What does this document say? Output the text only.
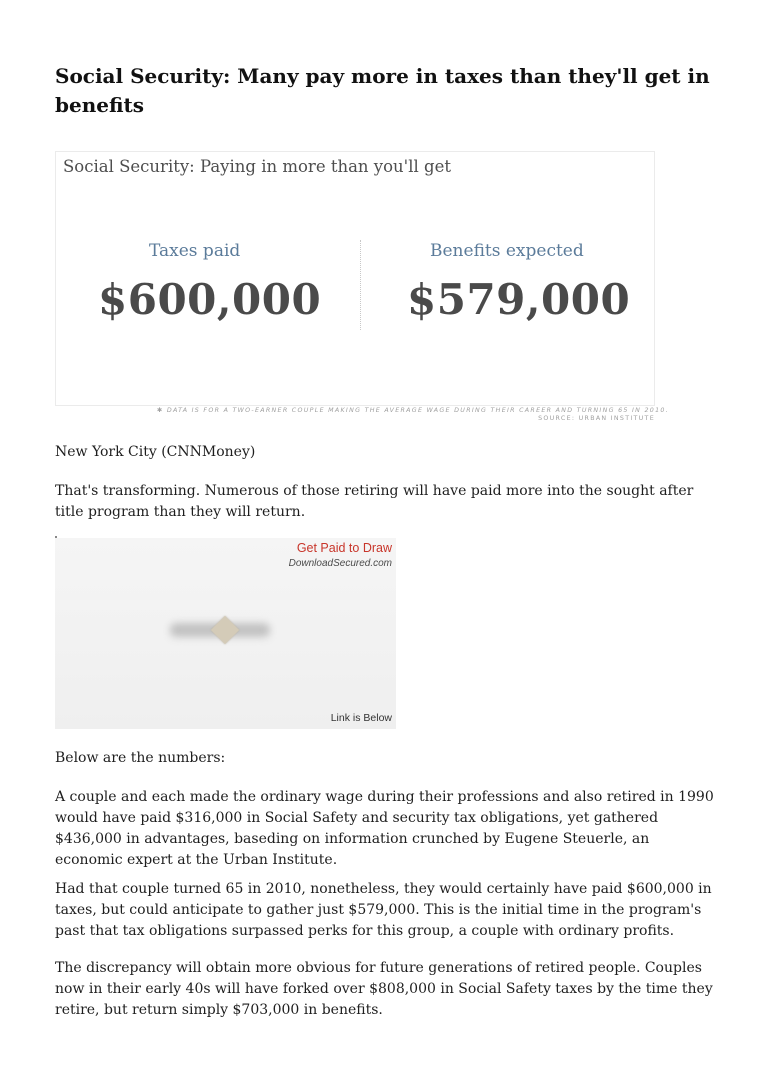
Social Security: Many pay more in taxes than they'll get in benefits
Social Security: Paying in more than you'll get
Taxes paid
$600,000
Benefits expected
$579,000
✱ DATA IS FOR A TWO-EARNER COUPLE MAKING THE AVERAGE WAGE DURING THEIR CAREER AND TURNING 65 IN 2010.
SOURCE: URBAN INSTITUTE

New York City (CNNMoney)

That's transforming. Numerous of those retiring will have paid more into the sought after title program than they will return.

Get Paid to Draw
DownloadSecured.com
Link is Below

Below are the numbers:

A couple and each made the ordinary wage during their professions and also retired in 1990 would have paid $316,000 in Social Safety and security tax obligations, yet gathered $436,000 in advantages, baseding on information crunched by Eugene Steuerle, an economic expert at the Urban Institute.

Had that couple turned 65 in 2010, nonetheless, they would certainly have paid $600,000 in taxes, but could anticipate to gather just $579,000. This is the initial time in the program's past that tax obligations surpassed perks for this group, a couple with ordinary profits.

The discrepancy will obtain more obvious for future generations of retired people. Couples now in their early 40s will have forked over $808,000 in Social Safety taxes by the time they retire, but return simply $703,000 in benefits.
